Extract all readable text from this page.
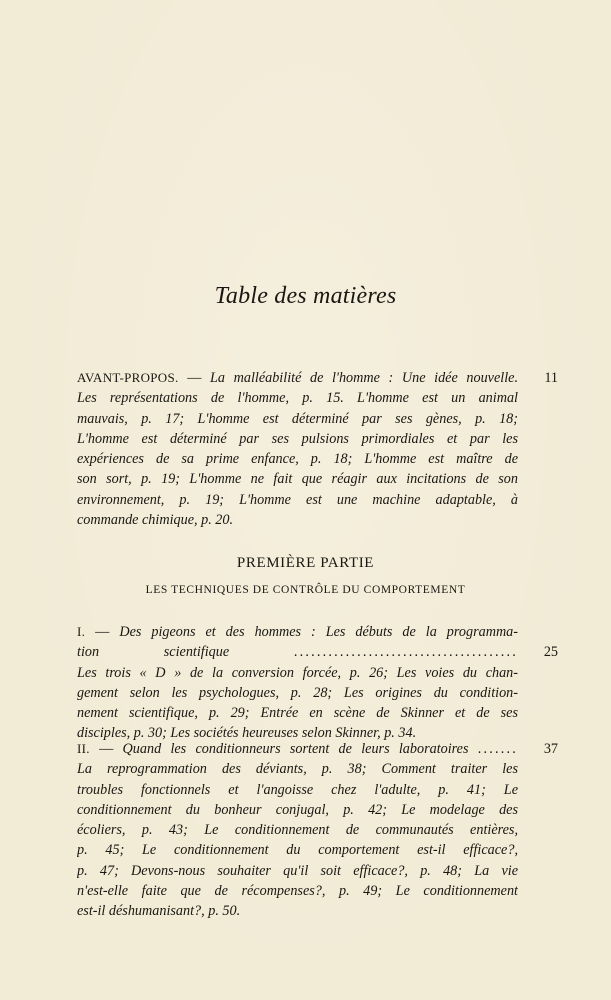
Table des matières
AVANT-PROPOS. — La malléabilité de l'homme : Une idée nouvelle.
Les représentations de l'homme, p. 15. L'homme est un animal
mauvais, p. 17; L'homme est déterminé par ses gènes, p. 18;
L'homme est déterminé par ses pulsions primordiales et par les
expériences de sa prime enfance, p. 18; L'homme est maître de
son sort, p. 19; L'homme ne fait que réagir aux incitations de son
environnement, p. 19; L'homme est une machine adaptable, à
commande chimique, p. 20.
11
PREMIÈRE PARTIE
LES TECHNIQUES DE CONTRÔLE DU COMPORTEMENT
I. — Des pigeons et des hommes : Les débuts de la programma-
tion scientifique	.......................................
Les trois « D » de la conversion forcée, p. 26; Les voies du chan-
gement selon les psychologues, p. 28; Les origines du condition-
nement scientifique, p. 29; Entrée en scène de Skinner et de ses
disciples, p. 30; Les sociétés heureuses selon Skinner, p. 34.
25
II. — Quand les conditionneurs sortent de leurs laboratoires .......
La reprogrammation des déviants, p. 38; Comment traiter les
troubles fonctionnels et l'angoisse chez l'adulte, p. 41; Le
conditionnement du bonheur conjugal, p. 42; Le modelage des
écoliers, p. 43; Le conditionnement de communautés entières,
p. 45; Le conditionnement du comportement est-il efficace?,
p. 47; Devons-nous souhaiter qu'il soit efficace?, p. 48; La vie
n'est-elle faite que de récompenses?, p. 49; Le conditionnement
est-il déshumanisant?, p. 50.
37
